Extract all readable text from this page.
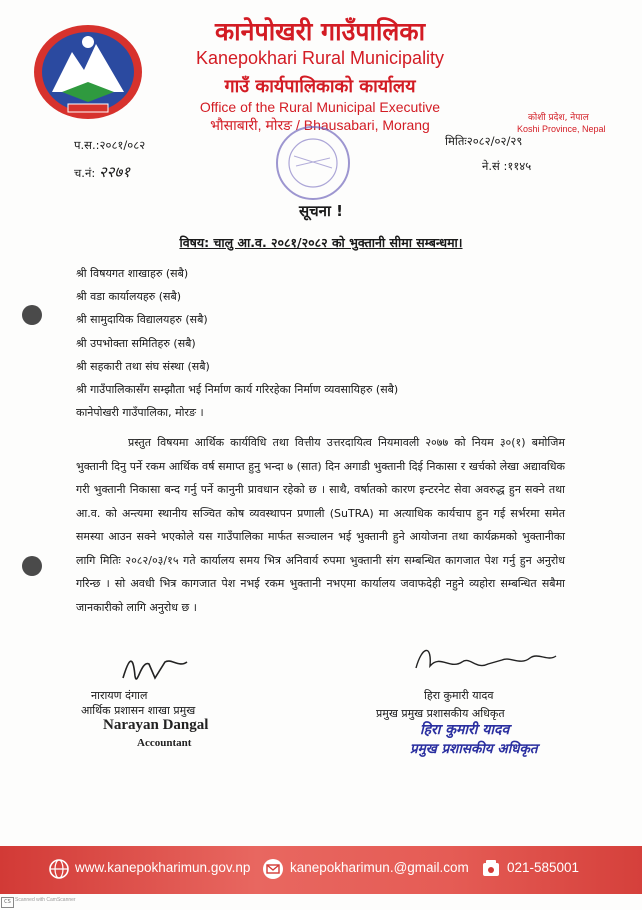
कानेपोखरी गाउँपालिका
Kanepokhari Rural Municipality
गाउँ कार्यपालिकाको कार्यालय
Office of the Rural Municipal Executive
भौसाबारी, मोरङ / Bhausabari, Morang	कोशी प्रदेश, नेपाल
Koshi Province, Nepal
प.स.:२०८१/०८२
च.नं: २२७१
मितिः२०८२/०२/२९
ने.सं :११४५
सूचना !
विषय: चालु आ.व. २०८१/२०८२ को भुक्तानी सीमा सम्बन्धमा।
श्री विषयगत शाखाहरु (सबै)
श्री वडा कार्यालयहरु (सबै)
श्री सामुदायिक विद्यालयहरु (सबै)
श्री उपभोक्ता समितिहरु (सबै)
श्री सहकारी तथा संघ संस्था (सबै)
श्री गाउँपालिकासँग सम्झौता भई निर्माण कार्य गरिरहेका निर्माण व्यवसायिहरु (सबै)
कानेपोखरी गाउँपालिका, मोरङ ।
प्रस्तुत विषयमा आर्थिक कार्यविधि तथा वित्तीय उत्तरदायित्व नियमावली २०७७ को नियम ३०(१) बमोजिम भुक्तानी दिनु पर्ने रकम आर्थिक वर्ष समाप्त हुनु भन्दा ७ (सात) दिन अगाडी भुक्तानी दिई निकासा र खर्चको लेखा अद्यावधिक गरी भुक्तानी निकासा बन्द गर्नु पर्ने कानुनी प्रावधान रहेको छ । साथै, वर्षातको कारण इन्टरनेट सेवा अवरुद्ध हुन सक्ने तथा आ.व. को अन्त्यमा स्थानीय सञ्चित कोष व्यवस्थापन प्रणाली (SuTRA) मा अत्याधिक कार्यचाप हुन गई सर्भरमा समेत समस्या आउन सक्ने भएकोले यस गाउँपालिका मार्फत सञ्चालन भई भुक्तानी हुने आयोजना तथा कार्यक्रमको भुक्तानीका लागि मितिः २०८२/०३/१५ गते कार्यालय समय भित्र अनिवार्य रुपमा भुक्तानी संग सम्बन्धित कागजात पेश गर्नु हुन अनुरोध गरिन्छ । सो अवधी भित्र कागजात पेश नभई रकम भुक्तानी नभएमा कार्यालय जवाफदेही नहुने व्यहोरा सम्बन्धित सबैमा जानकारीको लागि अनुरोध छ ।
नारायण दंगाल
आर्थिक प्रशासन शाखा प्रमुख
Narayan Dangal
Accountant
हिरा कुमारी यादव
प्रमुख प्रमुख प्रशासकीय अधिकृत
हिरा कुमारी यादव
प्रमुख प्रशासकीय अधिकृत
www.kanepokharimun.gov.np	kanepokharimun.@gmail.com	021-585001
CS Scanned with CamScanner
